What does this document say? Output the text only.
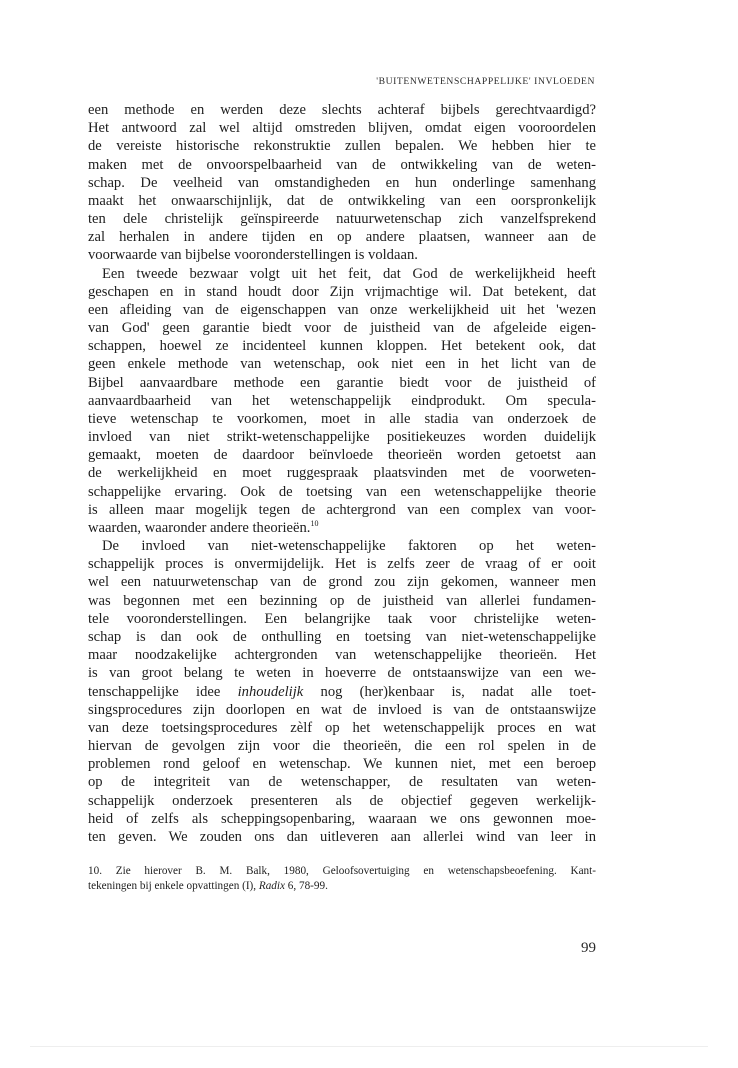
'BUITENWETENSCHAPPELIJKE' INVLOEDEN
een methode en werden deze slechts achteraf bijbels gerechtvaardigd?
Het antwoord zal wel altijd omstreden blijven, omdat eigen vooroordelen
de vereiste historische rekonstruktie zullen bepalen. We hebben hier te
maken met de onvoorspelbaarheid van de ontwikkeling van de weten-
schap. De veelheid van omstandigheden en hun onderlinge samenhang
maakt het onwaarschijnlijk, dat de ontwikkeling van een oorspronkelijk
ten dele christelijk geïnspireerde natuurwetenschap zich vanzelfsprekend
zal herhalen in andere tijden en op andere plaatsen, wanneer aan de
voorwaarde van bijbelse vooronderstellingen is voldaan.
Een tweede bezwaar volgt uit het feit, dat God de werkelijkheid heeft
geschapen en in stand houdt door Zijn vrijmachtige wil. Dat betekent, dat
een afleiding van de eigenschappen van onze werkelijkheid uit het 'wezen
van God' geen garantie biedt voor de juistheid van de afgeleide eigen-
schappen, hoewel ze incidenteel kunnen kloppen. Het betekent ook, dat
geen enkele methode van wetenschap, ook niet een in het licht van de
Bijbel aanvaardbare methode een garantie biedt voor de juistheid of
aanvaardbaarheid van het wetenschappelijk eindprodukt. Om specula-
tieve wetenschap te voorkomen, moet in alle stadia van onderzoek de
invloed van niet strikt-wetenschappelijke positiekeuzes worden duidelijk
gemaakt, moeten de daardoor beïnvloede theorieën worden getoetst aan
de werkelijkheid en moet ruggespraak plaatsvinden met de voorweten-
schappelijke ervaring. Ook de toetsing van een wetenschappelijke theorie
is alleen maar mogelijk tegen de achtergrond van een complex van voor-
waarden, waaronder andere theorieën.$^{10}$
De invloed van niet-wetenschappelijke faktoren op het weten-
schappelijk proces is onvermijdelijk. Het is zelfs zeer de vraag of er ooit
wel een natuurwetenschap van de grond zou zijn gekomen, wanneer men
was begonnen met een bezinning op de juistheid van allerlei fundamen-
tele vooronderstellingen. Een belangrijke taak voor christelijke weten-
schap is dan ook de onthulling en toetsing van niet-wetenschappelijke
maar noodzakelijke achtergronden van wetenschappelijke theorieën. Het
is van groot belang te weten in hoeverre de ontstaanswijze van een we-
tenschappelijke idee inhoudelijk nog (her)kenbaar is, nadat alle toet-
singsprocedures zijn doorlopen en wat de invloed is van de ontstaanswijze
van deze toetsingsprocedures zèlf op het wetenschappelijk proces en wat
hiervan de gevolgen zijn voor die theorieën, die een rol spelen in de
problemen rond geloof en wetenschap. We kunnen niet, met een beroep
op de integriteit van de wetenschapper, de resultaten van weten-
schappelijk onderzoek presenteren als de objectief gegeven werkelijk-
heid of zelfs als scheppingsopenbaring, waaraan we ons gewonnen moe-
ten geven. We zouden ons dan uitleveren aan allerlei wind van leer in
10. Zie hierover B. M. Balk, 1980, Geloofsovertuiging en wetenschapsbeoefening. Kant-
tekeningen bij enkele opvattingen (I), Radix 6, 78-99.
99
